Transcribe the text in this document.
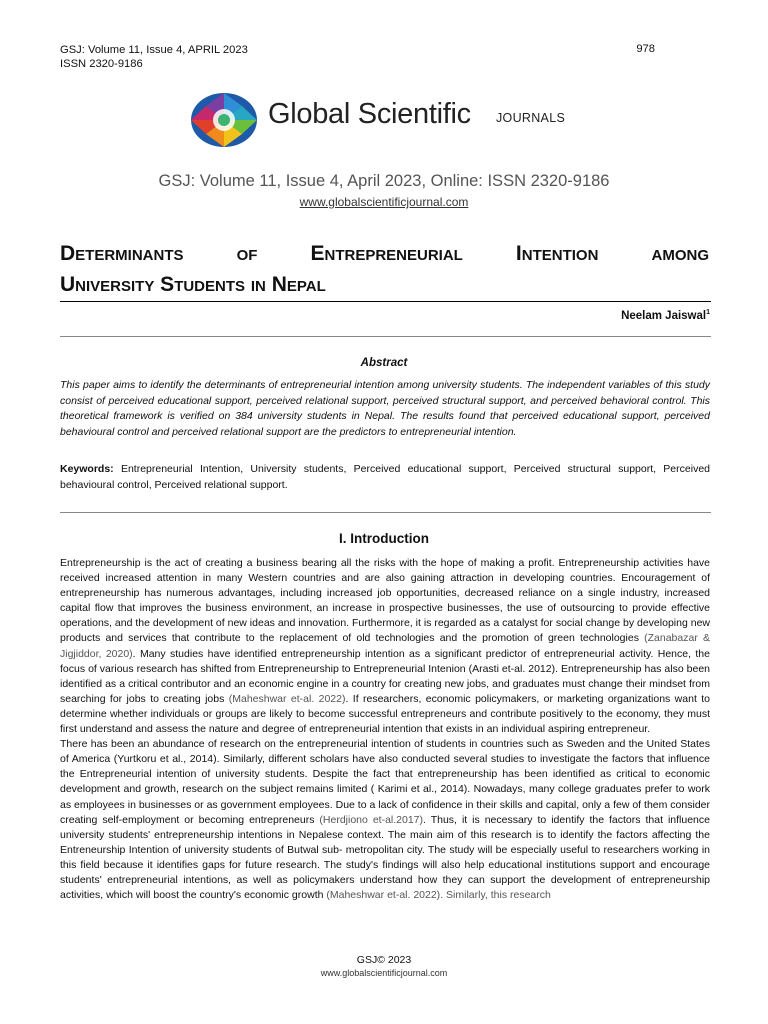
GSJ: Volume 11, Issue 4, APRIL 2023
ISSN 2320-9186
978
Global Scientific JOURNALS
GSJ: Volume 11, Issue 4, April 2023, Online: ISSN 2320-9186
www.globalscientificjournal.com
Determinants of Entrepreneurial Intention among
University Students in Nepal
Neelam Jaiswal$^1$
Abstract
This paper aims to identify the determinants of entrepreneurial intention among university students. The independent variables of this study consist of perceived educational support, perceived relational support, perceived structural support, and perceived behavioral control. This theoretical framework is verified on 384 university students in Nepal. The results found that perceived educational support, perceived behavioural control and perceived relational support are the predictors to entrepreneurial intention.
Keywords: Entrepreneurial Intention, University students, Perceived educational support, Perceived structural support, Perceived behavioural control, Perceived relational support.
I. Introduction

Entrepreneurship is the act of creating a business bearing all the risks with the hope of making a profit. Entrepreneurship activities have received increased attention in many Western countries and are also gaining attraction in developing countries. Encouragement of entrepreneurship has numerous advantages, including increased job opportunities, decreased reliance on a single industry, increased capital flow that improves the business environment, an increase in prospective businesses, the use of outsourcing to provide effective operations, and the development of new ideas and innovation. Furthermore, it is regarded as a catalyst for social change by developing new products and services that contribute to the replacement of old technologies and the promotion of green technologies (Zanabazar & Jigjiddor, 2020). Many studies have identified entrepreneurship intention as a significant predictor of entrepreneurial activity. Hence, the focus of various research has shifted from Entrepreneurship to Entrepreneurial Intenion (Arasti et-al. 2012). Entrepreneurship has also been identified as a critical contributor and an economic engine in a country for creating new jobs, and graduates must change their mindset from searching for jobs to creating jobs (Maheshwar et-al. 2022). If researchers, economic policymakers, or marketing organizations want to determine whether individuals or groups are likely to become successful entrepreneurs and contribute positively to the economy, they must first understand and assess the nature and degree of entrepreneurial intention that exists in an individual aspiring entrepreneur.

There has been an abundance of research on the entrepreneurial intention of students in countries such as Sweden and the United States of America (Yurtkoru et al., 2014). Similarly, different scholars have also conducted several studies to investigate the factors that influence the Entrepreneurial intention of university students. Despite the fact that entrepreneurship has been identified as critical to economic development and growth, research on the subject remains limited ( Karimi et al., 2014). Nowadays, many college graduates prefer to work as employees in businesses or as government employees. Due to a lack of confidence in their skills and capital, only a few of them consider creating self-employment or becoming entrepreneurs (Herdjiono et-al.2017). Thus, it is necessary to identify the factors that influence university students' entrepreneurship intentions in Nepalese context. The main aim of this research is to identify the factors affecting the Entreneurship Intention of university students of Butwal sub- metropolitan city. The study will be especially useful to researchers working in this field because it identifies gaps for future research. The study's findings will also help educational institutions support and encourage students' entrepreneurial intentions, as well as policymakers understand how they can support the development of entrepreneurship activities, which will boost the country's economic growth (Maheshwar et-al. 2022). Similarly, this research

GSJ© 2023
www.globalscientificjournal.com
